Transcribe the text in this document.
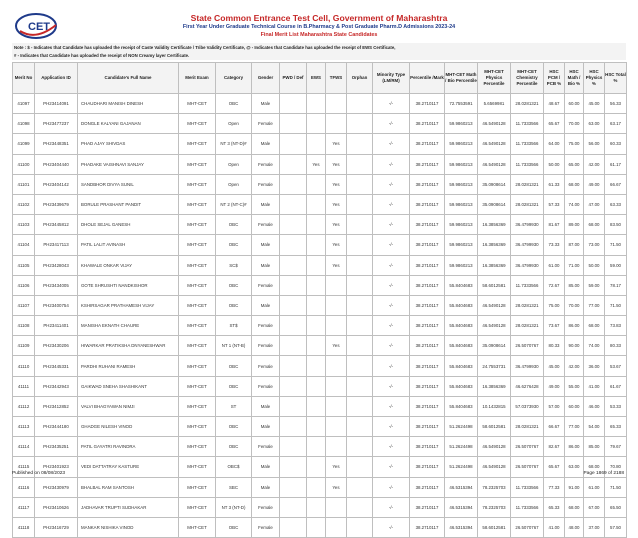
CET
State Common Entrance Test Cell, Government of Maharashtra
First Year Under Graduate Technical Course in B.Pharmacy & Post Graduate Pharm.D Admissions 2023-24
Final Merit List Maharashtra State Candidates
Note : $ - Indicates that Candidate has uploaded the receipt of Caste Validity Certificate / Tribe Validity Certificate, @ - Indicates that Candidate has uploaded the receipt of EWS Certificate,
# - Indicates that Candidate has uploaded the receipt of NON Creamy layer Certificate.
Merit No	Application ID	Candidate's Full Name	Merit Exam	Category	Gender	PWD / Def	EWS	TFWS	Orphan	Minority Type (LM/RM)	Percentile /Mark	MHT-CET Math / Bio Percentile	MHT-CET Physics Percentile	MHT-CET Chemistry Percentile	HSC PCM / PCB %	HSC Math / Bio %	HSC Physics %	HSC Total %
41097	PH23414091	CHAUDHARI MANISH DINESH	MHT-CET	OBC	Male					-/-	38.2710117	72.7553591	5.6569981	28.0281321	48.67	60.00	45.00	56.33
41098	PH23477237	DONGLE KALYANI GAJANAN	MHT-CET	Open	Female					-/-	38.2710117	59.9860213	46.5490128	11.7333566	65.67	70.00	63.00	63.17
41099	PH23448351	PHAD AJAY SHIVDAS	MHT-CET	NT 3 (NT-D)#	Male			Yes		-/-	38.2710117	59.9860213	46.5490128	11.7333566	64.00	75.00	56.00	60.33
41100	PH23404440	PHADAKE VAISHNAVI SANJAY	MHT-CET	Open	Female		Yes	Yes		-/-	38.2710117	59.9860213	46.5490128	11.7333566	50.00	65.00	42.00	61.17
41101	PH23404142	SANDBHOR DIVYA SUNIL	MHT-CET	Open	Female			Yes		-/-	38.2710117	59.9860213	35.0908614	28.0281321	61.33	68.00	49.00	66.67
41102	PH23439679	BORULE PRASHANT PANDIT	MHT-CET	NT 2 (NT-C)#	Male			Yes		-/-	38.2710117	59.9860213	35.0908614	28.0281321	57.33	74.00	47.00	63.33
41103	PH23445812	DHOLE SEJAL GANESH	MHT-CET	OBC	Female			Yes		-/-	38.2710117	59.9860213	16.3856369	36.4799930	81.67	89.00	68.00	83.50
41104	PH23417113	PATIL LALIT AVINASH	MHT-CET	OBC	Male			Yes		-/-	38.2710117	59.9860213	16.3856369	36.4799930	73.33	87.00	73.00	71.50
41105	PH23428043	KHAWALE ONKAR VIJAY	MHT-CET	SC$	Male			Yes		-/-	38.2710117	59.9860213	16.3856369	36.4799930	61.00	71.00	50.00	59.00
41106	PH23434005	GOTE SHRUSHTI NANDKISHOR	MHT-CET	OBC	Female					-/-	38.2710117	55.8404683	58.6012581	11.7333566	72.67	85.00	59.00	78.17
41107	PH23400754	KSHIRSAGAR PRATHAMESH VIJAY	MHT-CET	OBC	Male					-/-	38.2710117	55.8404683	46.5490128	28.0281321	75.00	70.00	77.00	71.50
41108	PH23411401	MANISHA EKNATH CHAURE	MHT-CET	ST$	Female					-/-	38.2710117	55.8404683	46.5490128	28.0281321	73.67	86.00	68.00	73.83
41109	PH23430206	HIWARKAR PRATIKSHA DNYANESHWAR	MHT-CET	NT 1 (NT-B)	Female			Yes		-/-	38.2710117	55.8404683	35.0908614	26.5070767	80.33	90.00	74.00	80.33
41110	PH23445331	PARDHI RUHANI RAMESH	MHT-CET	OBC	Female					-/-	38.2710117	55.8404683	24.7553731	36.4799930	45.00	42.00	36.00	53.67
41111	PH23442943	GAIKWAD SNEHA SHASHIKANT	MHT-CET	OBC	Female					-/-	38.2710117	55.8404683	16.3856369	46.6276428	49.00	55.00	41.00	61.67
41112	PH23412852	VALVI BHAGYAWAN NIMJI	MHT-CET	ST	Male					-/-	38.2710117	55.8404683	10.1432815	57.0373930	57.00	60.00	46.00	53.33
41113	PH23444180	GHADGE NILESH VINOD	MHT-CET	OBC	Male					-/-	38.2710117	51.2624498	58.6012581	28.0281321	66.67	77.00	54.00	65.33
41114	PH23435251	PATIL GAYATRI RAVINDRA	MHT-CET	OBC	Female					-/-	38.2710117	51.2624498	46.5490128	26.5070767	82.67	86.00	85.00	79.67
41115	PH23401923	VEDI DATTATRAY KASTURE	MHT-CET	OBC$	Male			Yes		-/-	38.2710117	51.2624498	46.5490128	26.5070767	65.67	63.00	68.00	70.80
41116	PH23430979	BHALBAL RAM SANTOSH	MHT-CET	SBC	Male			Yes		-/-	38.2710117	46.5315394	78.2325703	11.7333566	77.33	91.00	61.00	71.50
41117	PH23410626	JADHAVAR TRUPTI SUDHAKAR	MHT-CET	NT 3 (NT-D)	Female					-/-	38.2710117	46.5315394	78.2325703	11.7333566	65.33	68.00	67.00	65.50
41118	PH23416729	MANKAR NISHIKA VINOD	MHT-CET	OBC	Female					-/-	38.2710117	46.5315394	58.6012581	26.5070767	41.00	48.00	37.00	57.50
Published on 08/08/2023	Page 1869 of 2188
